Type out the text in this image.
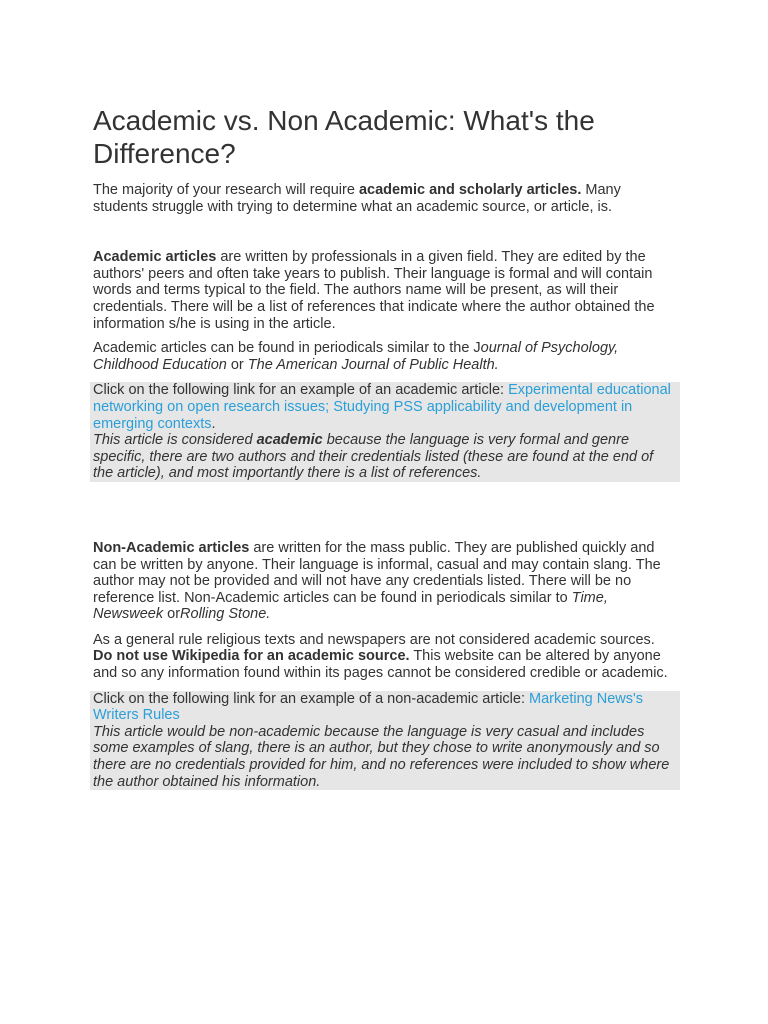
Academic vs. Non Academic: What's the Difference?

The majority of your research will require academic and scholarly articles. Many students struggle with trying to determine what an academic source, or article, is.

Academic articles are written by professionals in a given field. They are edited by the authors' peers and often take years to publish. Their language is formal and will contain words and terms typical to the field. The authors name will be present, as will their credentials. There will be a list of references that indicate where the author obtained the information s/he is using in the article.

Academic articles can be found in periodicals similar to the Journal of Psychology, Childhood Education or The American Journal of Public Health.

Click on the following link for an example of an academic article: Experimental educational networking on open research issues; Studying PSS applicability and development in emerging contexts.

This article is considered academic because the language is very formal and genre specific, there are two authors and their credentials listed (these are found at the end of the article), and most importantly there is a list of references.

Non-Academic articles are written for the mass public. They are published quickly and can be written by anyone. Their language is informal, casual and may contain slang. The author may not be provided and will not have any credentials listed. There will be no reference list. Non-Academic articles can be found in periodicals similar to Time, Newsweek orRolling Stone.

As a general rule religious texts and newspapers are not considered academic sources. Do not use Wikipedia for an academic source. This website can be altered by anyone and so any information found within its pages cannot be considered credible or academic.

Click on the following link for an example of a non-academic article: Marketing News's Writers Rules

This article would be non-academic because the language is very casual and includes some examples of slang, there is an author, but they chose to write anonymously and so there are no credentials provided for him, and no references were included to show where the author obtained his information.
